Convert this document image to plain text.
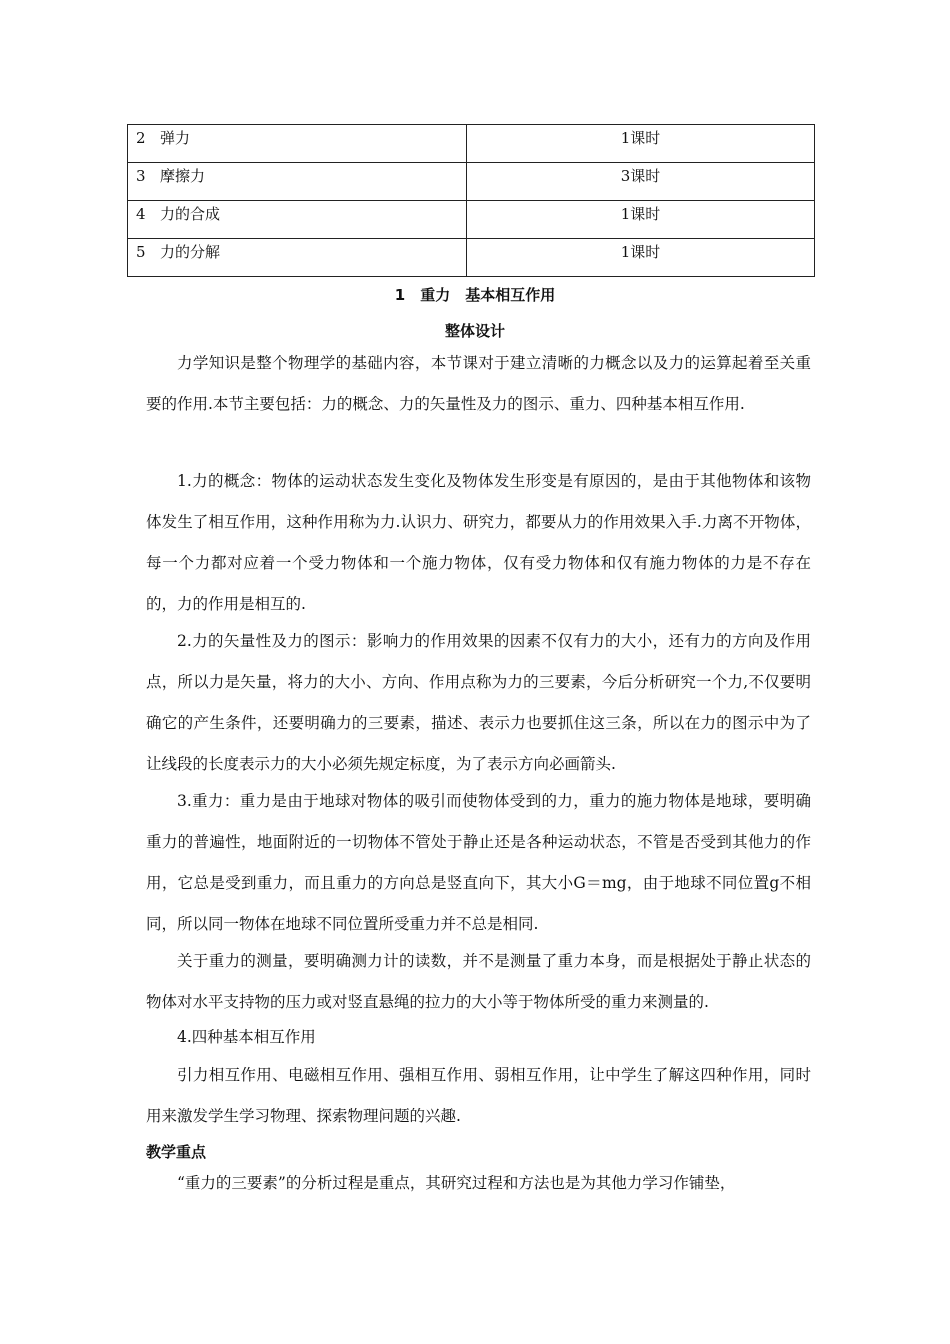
2 弹力	1课时
3 摩擦力	3课时
4 力的合成	1课时
5 力的分解	1课时
1　重力　基本相互作用
整体设计

力学知识是整个物理学的基础内容，本节课对于建立清晰的力概念以及力的运算起着至关重要的作用.本节主要包括：力的概念、力的矢量性及力的图示、重力、四种基本相互作用.

1.力的概念：物体的运动状态发生变化及物体发生形变是有原因的，是由于其他物体和该物体发生了相互作用，这种作用称为力.认识力、研究力，都要从力的作用效果入手.力离不开物体，每一个力都对应着一个受力物体和一个施力物体，仅有受力物体和仅有施力物体的力是不存在的，力的作用是相互的.

2.力的矢量性及力的图示：影响力的作用效果的因素不仅有力的大小，还有力的方向及作用点，所以力是矢量，将力的大小、方向、作用点称为力的三要素，今后分析研究一个力,不仅要明确它的产生条件，还要明确力的三要素，描述、表示力也要抓住这三条，所以在力的图示中为了让线段的长度表示力的大小必须先规定标度，为了表示方向必画箭头.

3.重力：重力是由于地球对物体的吸引而使物体受到的力，重力的施力物体是地球，要明确重力的普遍性，地面附近的一切物体不管处于静止还是各种运动状态，不管是否受到其他力的作用，它总是受到重力，而且重力的方向总是竖直向下，其大小G＝mg，由于地球不同位置g不相同，所以同一物体在地球不同位置所受重力并不总是相同.

关于重力的测量，要明确测力计的读数，并不是测量了重力本身，而是根据处于静止状态的物体对水平支持物的压力或对竖直悬绳的拉力的大小等于物体所受的重力来测量的.

4.四种基本相互作用

引力相互作用、电磁相互作用、强相互作用、弱相互作用，让中学生了解这四种作用，同时用来激发学生学习物理、探索物理问题的兴趣.

教学重点

“重力的三要素”的分析过程是重点，其研究过程和方法也是为其他力学习作铺垫，
